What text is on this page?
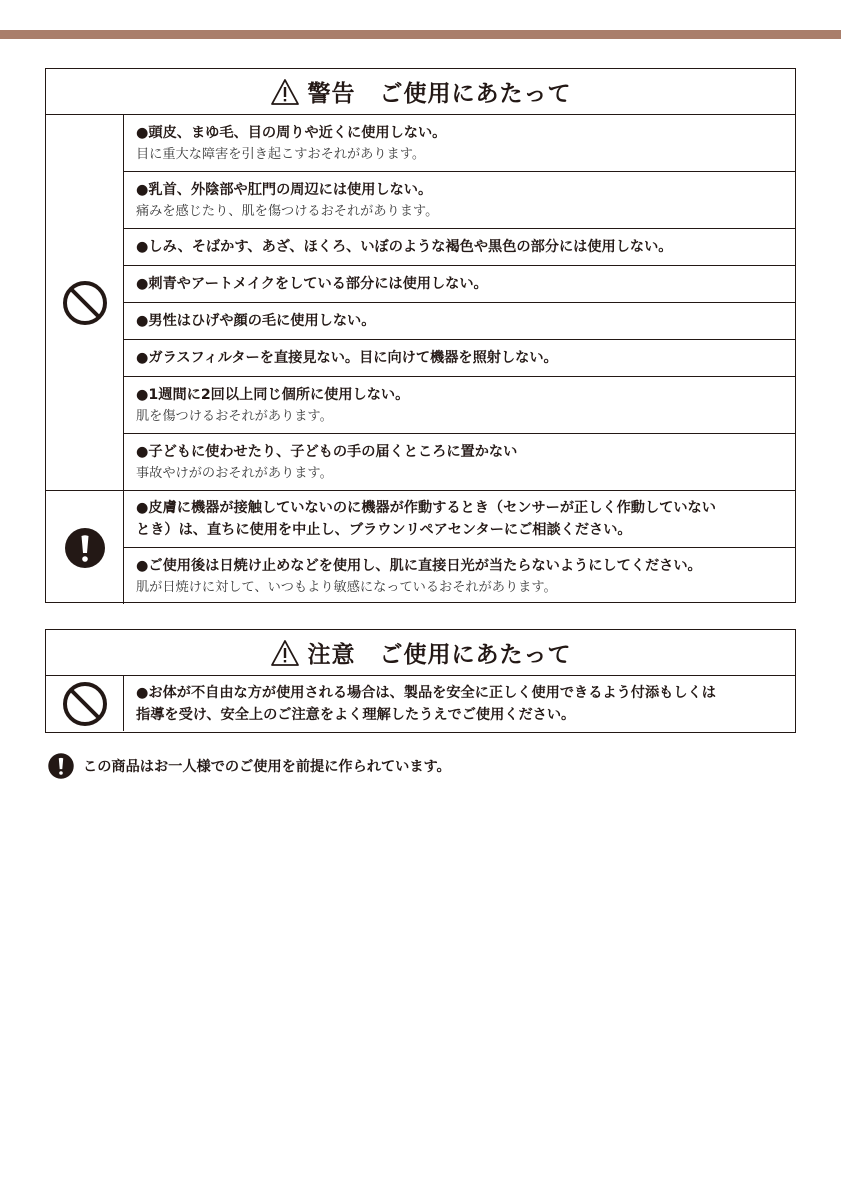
警告　ご使用にあたって
●頭皮、まゆ毛、目の周りや近くに使用しない。
目に重大な障害を引き起こすおそれがあります。
●乳首、外陰部や肛門の周辺には使用しない。
痛みを感じたり、肌を傷つけるおそれがあります。
●しみ、そばかす、あざ、ほくろ、いぼのような褐色や黒色の部分には使用しない。
●刺青やアートメイクをしている部分には使用しない。
●男性はひげや顔の毛に使用しない。
●ガラスフィルターを直接見ない。目に向けて機器を照射しない。
●1週間に2回以上同じ個所に使用しない。
肌を傷つけるおそれがあります。
●子どもに使わせたり、子どもの手の届くところに置かない
事故やけがのおそれがあります。
●皮膚に機器が接触していないのに機器が作動するとき（センサーが正しく作動していない
とき）は、直ちに使用を中止し、ブラウンリペアセンターにご相談ください。
●ご使用後は日焼け止めなどを使用し、肌に直接日光が当たらないようにしてください。
肌が日焼けに対して、いつもより敏感になっているおそれがあります。
注意　ご使用にあたって
●お体が不自由な方が使用される場合は、製品を安全に正しく使用できるよう付添もしくは
指導を受け、安全上のご注意をよく理解したうえでご使用ください。
この商品はお一人様でのご使用を前提に作られています。
